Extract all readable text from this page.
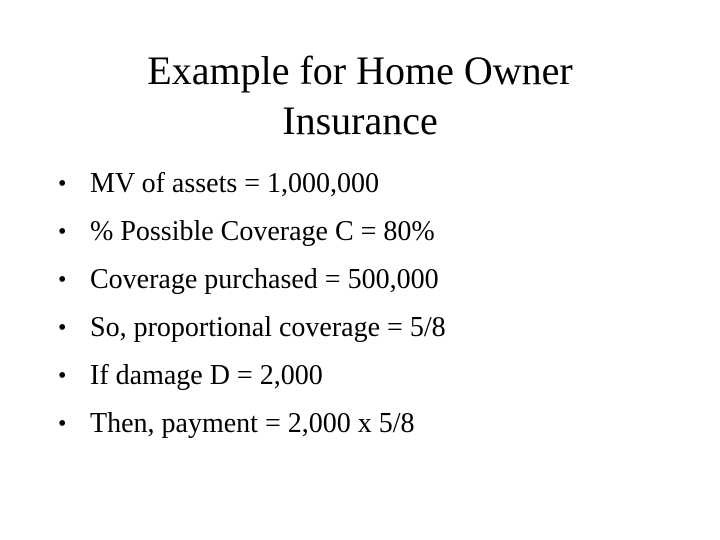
Example for Home Owner
Insurance
• MV of assets = 1,000,000
• % Possible Coverage C = 80%
• Coverage purchased = 500,000
• So, proportional coverage = 5/8
• If damage D = 2,000
• Then, payment = 2,000 x 5/8
